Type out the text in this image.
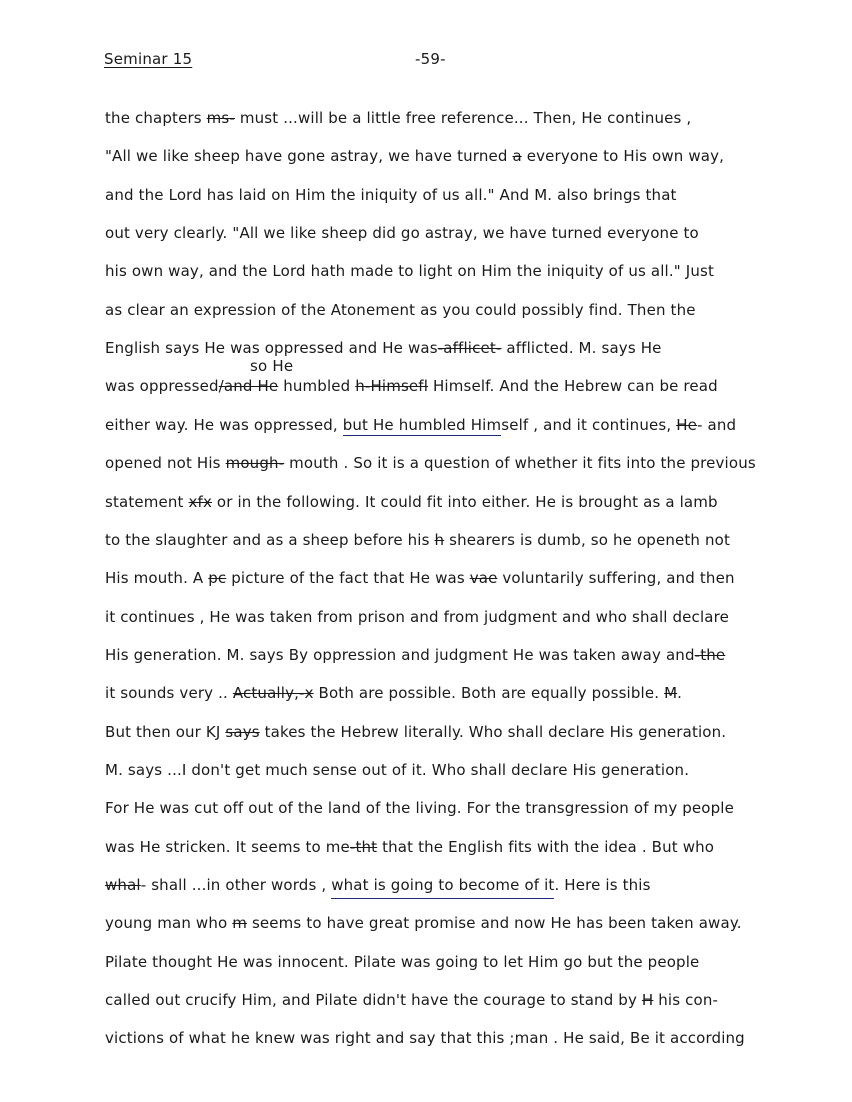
Seminar 15	-59-
so He
the chapters ms- must ...will be a little free reference... Then, He continues ,
"All we like sheep have gone astray, we have turned a everyone to His own way,
and the Lord has laid on Him the iniquity of us all." And M. also brings that
out very clearly. "All we like sheep did go astray, we have turned everyone to
his own way, and the Lord hath made to light on Him the iniquity of us all." Just
as clear an expression of the Atonement as you could possibly find. Then the
English says He was oppressed and He was-afflicet- afflicted. M. says He
was oppressed/and He humbled h-Himsefl Himself. And the Hebrew can be read
either way. He was oppressed, but He humbled Himself , and it continues, He- and
opened not His mough- mouth . So it is a question of whether it fits into the previous
statement xfx or in the following. It could fit into either. He is brought as a lamb
to the slaughter and as a sheep before his h shearers is dumb, so he openeth not
His mouth. A pc picture of the fact that He was vae voluntarily suffering, and then
it continues , He was taken from prison and from judgment and who shall declare
His generation. M. says By oppression and judgment He was taken away and-the
it sounds very .. Actually,-x Both are possible. Both are equally possible. M.
But then our KJ says takes the Hebrew literally. Who shall declare His generation.
M. says ...I don't get much sense out of it. Who shall declare His generation.
For He was cut off out of the land of the living. For the transgression of my people
was He stricken. It seems to me-tht that the English fits with the idea . But who
whal- shall ...in other words , what is going to become of it. Here is this
young man who m seems to have great promise and now He has been taken away.
Pilate thought He was innocent. Pilate was going to let Him go but the people
called out crucify Him, and Pilate didn't have the courage to stand by H his con-
victions of what he knew was right and say that this ;man . He said, Be it according
